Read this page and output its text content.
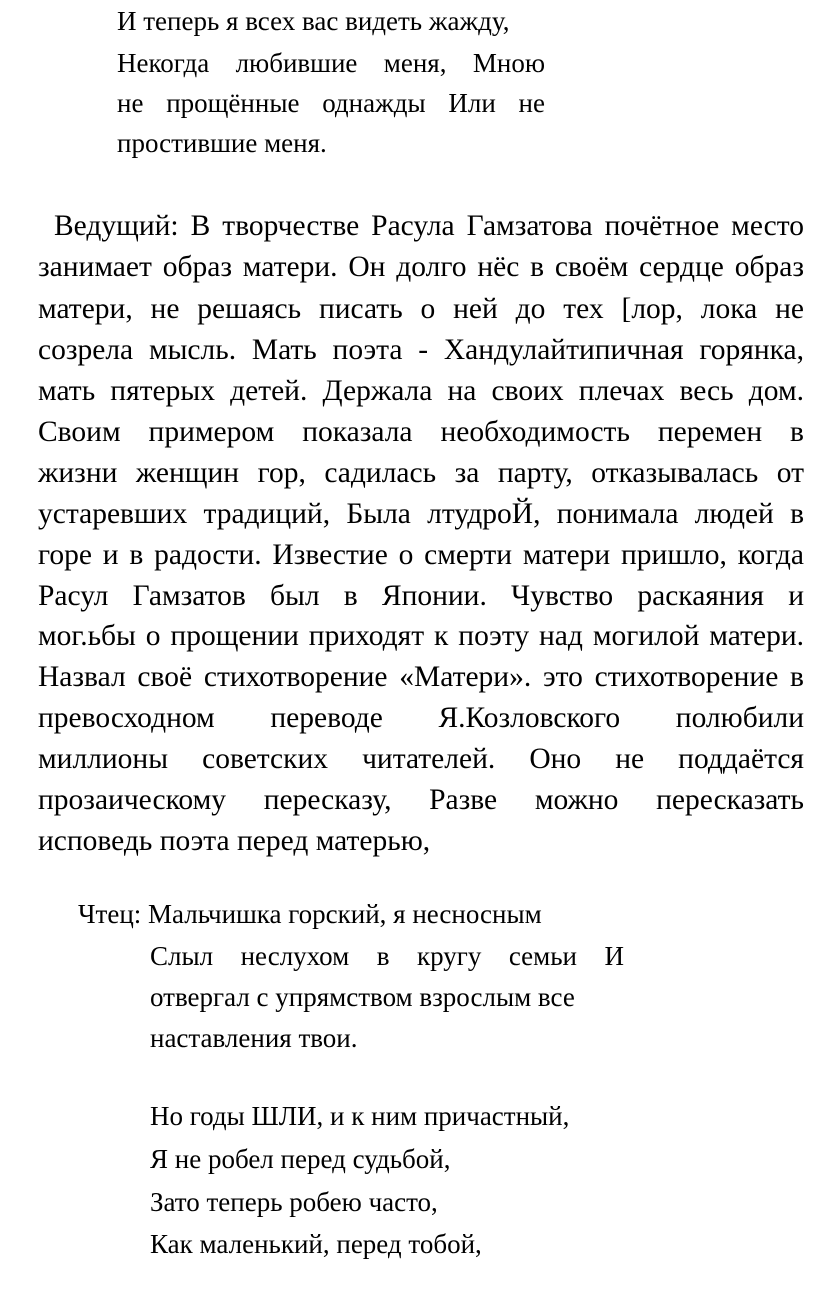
И теперь я всех вас видеть жажду,
Некогда любившие меня, Мною
не прощённые однажды Или не
простившие меня.
Ведущий: В творчестве Расула Гамзатова почётное место
занимает образ матери. Он долго нёс в своём сердце образ
матери, не решаясь писать о ней до тех [лор, лока не
созрела мысль. Мать поэта - Хандулайтипичная горянка,
мать пятерых детей. Держала на своих плечах весь дом.
Своим примером показала необходимость перемен в
жизни женщин гор, садилась за парту, отказывалась от
устаревших традиций, Была лтудроЙ, понимала людей в
горе и в радости. Известие о смерти матери пришло, когда
Расул Гамзатов был в Японии. Чувство раскаяния и
мог.ьбы о прощении приходят к поэту над могилой матери.
Назвал своё стихотворение «Матери». это стихотворение в
превосходном переводе Я.Козловского полюбили
миллионы советских читателей. Оно не поддаётся
прозаическому пересказу, Разве можно пересказать
исповедь поэта перед матерью,
Чтец: Мальчишка горский, я несносным
Слыл неслухом в кругу семьи И
отвергал с упрямством взрослым все
наставления твои.
Но годы ШЛИ, и к ним причастный,
Я не робел перед судьбой,
Зато теперь робею часто,
Как маленький, перед тобой,
